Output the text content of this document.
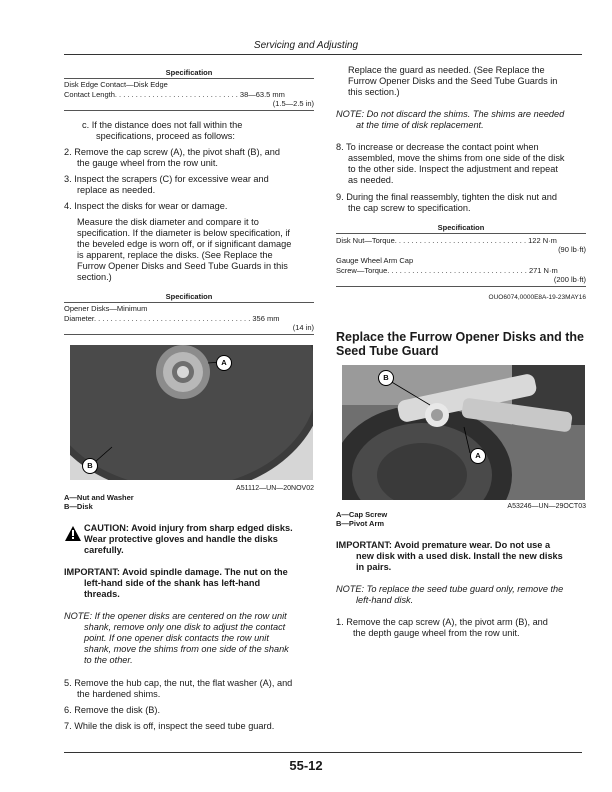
Servicing and Adjusting
Specification
Disk Edge Contact—Disk Edge
Contact Length. . . . . . . . . . . . . . . . . . . . . . . . . . . . . . 38—63.5 mm
(1.5—2.5 in)
c. If the distance does not fall within the
specifications, proceed as follows:
2. Remove the cap screw (A), the pivot shaft (B), and
the gauge wheel from the row unit.
3. Inspect the scrapers (C) for excessive wear and
replace as needed.
4. Inspect the disks for wear or damage.
Measure the disk diameter and compare it to
specification. If the diameter is below specification, if
the beveled edge is worn off, or if significant damage
is apparent, replace the disks. (See Replace the
Furrow Opener Disks and Seed Tube Guards in this
section.)
Specification
Opener Disks—Minimum
Diameter. . . . . . . . . . . . . . . . . . . . . . . . . . . . . . . . . . . . . . 356 mm
(14 in)
A
B
A51112—UN—20NOV02
A—Nut and Washer
B—Disk
CAUTION: Avoid injury from sharp edged disks.
Wear protective gloves and handle the disks
carefully.
IMPORTANT: Avoid spindle damage. The nut on the
left-hand side of the shank has left-hand
threads.
NOTE: If the opener disks are centered on the row unit
shank, remove only one disk to adjust the contact
point. If one opener disk contacts the row unit
shank, move the shims from one side of the shank
to the other.
5. Remove the hub cap, the nut, the flat washer (A), and
the hardened shims.
6. Remove the disk (B).
7. While the disk is off, inspect the seed tube guard.
Replace the guard as needed. (See Replace the
Furrow Opener Disks and the Seed Tube Guards in
this section.)
NOTE: Do not discard the shims. The shims are needed
at the time of disk replacement.
8. To increase or decrease the contact point when
assembled, move the shims from one side of the disk
to the other side. Inspect the adjustment and repeat
as needed.
9. During the final reassembly, tighten the disk nut and
the cap screw to specification.
Specification
Disk Nut—Torque. . . . . . . . . . . . . . . . . . . . . . . . . . . . . . . . 122 N·m
(90 lb·ft)
Gauge Wheel Arm Cap
Screw—Torque. . . . . . . . . . . . . . . . . . . . . . . . . . . . . . . . . . 271 N·m
(200 lb·ft)
OUO6074,0000E8A-19-23MAY16
Replace the Furrow Opener Disks and the
Seed Tube Guard
B
A
A53246—UN—29OCT03
A—Cap Screw
B—Pivot Arm
IMPORTANT: Avoid premature wear. Do not use a
new disk with a used disk. Install the new disks
in pairs.
NOTE: To replace the seed tube guard only, remove the
left-hand disk.
1. Remove the cap screw (A), the pivot arm (B), and
the depth gauge wheel from the row unit.
55-12
